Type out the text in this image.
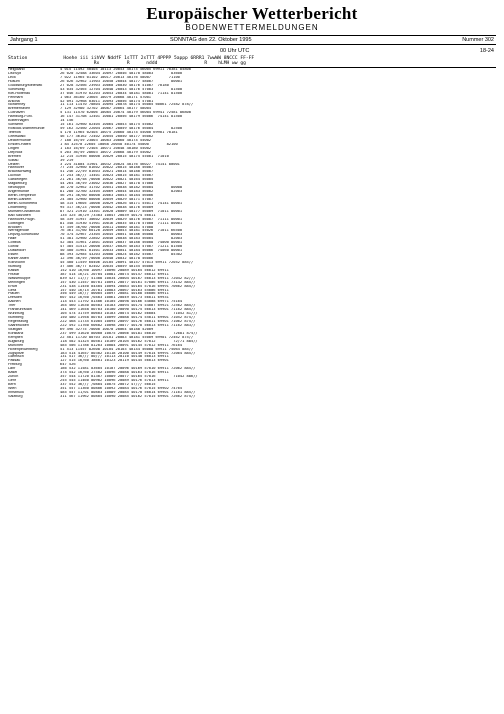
Europäischer Wetterbericht
BODENWETTERMELDUNGEN
Jahrgang 1	SONNTAG den 22. Oktober 1995	Nummer 302
00 Uhr UTC	18-24
Station             Hoehe iii iihVV NddfF 1sTTT 2sTTT 4PPPP 5appp 6RRR1 7wwWW 8NCCC FF-FF
Rx          R      nddd                 R    hLMH ww gg
Helgoland	4 015 11492 50404 10113 20053 40174 56005 69911 70381 85800
List/Sylt	26 020 32588 33604 10097 20046 40170 58003        83600
Leck	7 022 11965 01102 10017 20013 40176 58007        71100
Husum	26 026 32962 11903 10050 20044 40177 58007        80001
Glücksburg/Meierwik	27 028 32566 23903 10060 20030 40176 51007  70180
Schleswig	43 035 32565 12704 10048 20043 40176 57003        81500
Kiel-Holtenau	37 046 41970 02203 10053 20034 40181 58001  71141 81500
Fehmarn	1 063 36160 23605 10079 20068 40171 57001
Arkona	42 091 32968 03011 10093 20056 40174 57001
Norderney	11 113 11470 70804 10095 20078 40174 56005 60061 72582 878//
Bremerhaven	7 129 32980 32702 10087 20064 40177 58004
Cuxhaven	5 131 11570 62006 10085 20074 40179 56004 69941 72581 86800
Hamburg-Fuhl.	16 147 31708 12401 10081 20056 40179 56006  74141 81500
Boltenhagen	14 156
Schwerin	15 161 32960 02405 10064 20053 40175 55002
Rostock-Warnemünde	59 162 32560 22004 10067 20059 40176 56004        82500
Teterow	4 170 11965 02404 10075 20060 40174 55000 69901 70181
Greifswald	46 177 36162 72402 10055 20050 40177 56002
Ueckermünde	7 180 16/59 23003 10083 20060 40174 55002
Emden-Hafen	1 84 32570 22605 10068 20058 40174 55000        82100
Lingen	1 183 16/69 72404 10071 20048 40180 55002
Diepholz	5 203 36/59 28603 10072 20068 40179 55002
Bremen	12 215 31956 00000 10029 20015 40175 55001  71010
Soltau	39 219
Uelzen	3 224 31804 31901 10032 20024 40176 56027  74141 80001
Hannover	77 235 32960 01602 10022 20015 40180 56007
Braunschweig	51 246 22/59 01603 10021 20014 40180 56007
Lüchow	17 253 36/// 13401 10023 20015 40181 55007
Gardelegen	21 261 36/58 /0000 10022 20021 40164 56005
Magdeburg	44 264 36/59 23002 10036 20027 40178 57006
Neuruppin	38 270 32962 31702 10051 20038 40182 56004        80008
Angermünde	81 280 32760 32405 10069 20044 40183 56002        82003
Berlin-Tempelhof	56 291 36/60 00000 10063 20053 40184 56006
Berlin-Dahlem	24 305 32960 00000 10059 20029 40171 57007
Berlin-Schönefeld	48 315 19605 10000 10029 20026 40171 55011  74141 80001
Lindenberg	95 317 36/23 /0000 10042 20038 40176 56009
Münster/Osnabrück	87 321 21910 13301 10020 20009 40177 56009  71011 80001
Bad Salzuflen	135 325 36/29 /3303 10047 20039 40174 56011
Hannover-Flugh.	58 339 31957 30602 10039 20029 40176 56007  71111 80001
Göttingen	81 348 31930 51901 10016 20035 40178 57000  71111 80001
Brocken	47 359 36/60 /0000 10011 20000 40181 57008
Wernigerode	76 361 31/60 60120 10059 20053 40181 55026  71011 66500
Leipzig-Schkeuditz	70 374 32967 23305 10045 20051 40186 56008        80003
Halle	51 381 32960 22802 10040 20038 40183 56004        82003
Cottbus	52 384 31961 21801 10045 20037 40180 56008  74000 80001
Görlitz	47 385 31513 20000 10037 20026 40183 57007  71211 81500
Düsseldorf	50 400 31961 01501 10033 20041 40184 56006  74060 80001
Essen	88 393 32985 43203 10008 20024 40182 55007        85302
Kahler Asten	12 396 36/59 /0000 10040 20032 40178 56006
Köln/Bonn	45 400 11559 60406 10105 20091 40157 57013 69911 72052 885//
Nürburg	37 406 36/77 02402 10035 20059 40155 56006
Kassel	152 410 16/60 10097 10096 20089 40165 56012 69911
Fritzlar	387 414 16/21 20704 10081 20074 40157 56012 69911
Wasserkuppe	839 427 11/// 51308 10034 20004 40167 56013 69911 72042 82///
Meiningen	157 430 11557 80701 10091 20077 40161 57006 69911 73142 885//
Erfurt	231 438 11450 84404 10094 20083 40165 57016 69991 70662 885//
Gera	157 440 16/15 20701 10083 20067 40163 55006 69911
Plauen	356 449 16/// 00005 10097 20081 40168 56006 69911
Dresden	607 452 16/60 /0403 10061 20049 40173 56011 69931
Aachen	114 453 11792 81406 10105 20098 40166 54008 69971 75164
Trier	164 460 11630 80503 10103 20094 40174 54007 69921 72562 885//
Frankfurt/Main	141 469 11658 80703 10100 20090 40175 56013 69901 71162 885//
Würzburg	105 474 31759 80603 10103 20074 40162 56004        71052 81///
Nürnberg	150 480 11958 80703 10099 20088 40174 55011 69901 71052 875//
Regensburg	222 468 11735 61005 10095 20097 40176 56011 69901 71062 875//
Saarbrücken	222 492 11760 60602 10098 20077 40178 56013 69911 71162 883//
Stuttgart	69 496 32775 70000 10070 20064 40180 52009
Konstanz	237 499 31620 80000 10075 20066 40181 56010        72681 875//
Kempten	22 501 11720 80703 10101 20083 40181 55009 69901 72462 875//
Augsburg	118 502 41325 80501 10109 20105 40162 57012        72/71 885//
München	485 506 11786 81203 10084 20091 40145 57012 69911 76164
Hohenpeißenberg	51 513 11557 82608 10104 20103 40144 56008 69911 75064 885//
Zugspitze	183 514 41657 80302 10118 20100 40149 57014 69991 72064 885//
Garmisch	131 517 36/// 80/// 10113 20110 40148 56013 69911
Passau	127 515 16/60 38601 10123 20119 40145 56013 69901
Freiburg	647 526
Lahr	186 532 11581 83605 10107 20096 40169 57010 69911 72062 885//
Basel	374 542 16/60 27502 10096 20088 40163 57016 69911
Zürich	357 544 11720 81307 10089 20077 40165 57016        71042 886//
Genf	255 545 11460 80902 10096 20089 40176 57013 69911
Bern	337 552 36/// /0804 10075 20072 47/// 56015
Wien	351 557 11360 80806 10092 20084 40176 57015 69902 74765
Innsbruck	485 557 11/01 80803 10089 20085 40170 56014 69901 71161 885//
Salzburg	311 567 11962 80805 10090 20085 40162 57015 69901 72662 875//
